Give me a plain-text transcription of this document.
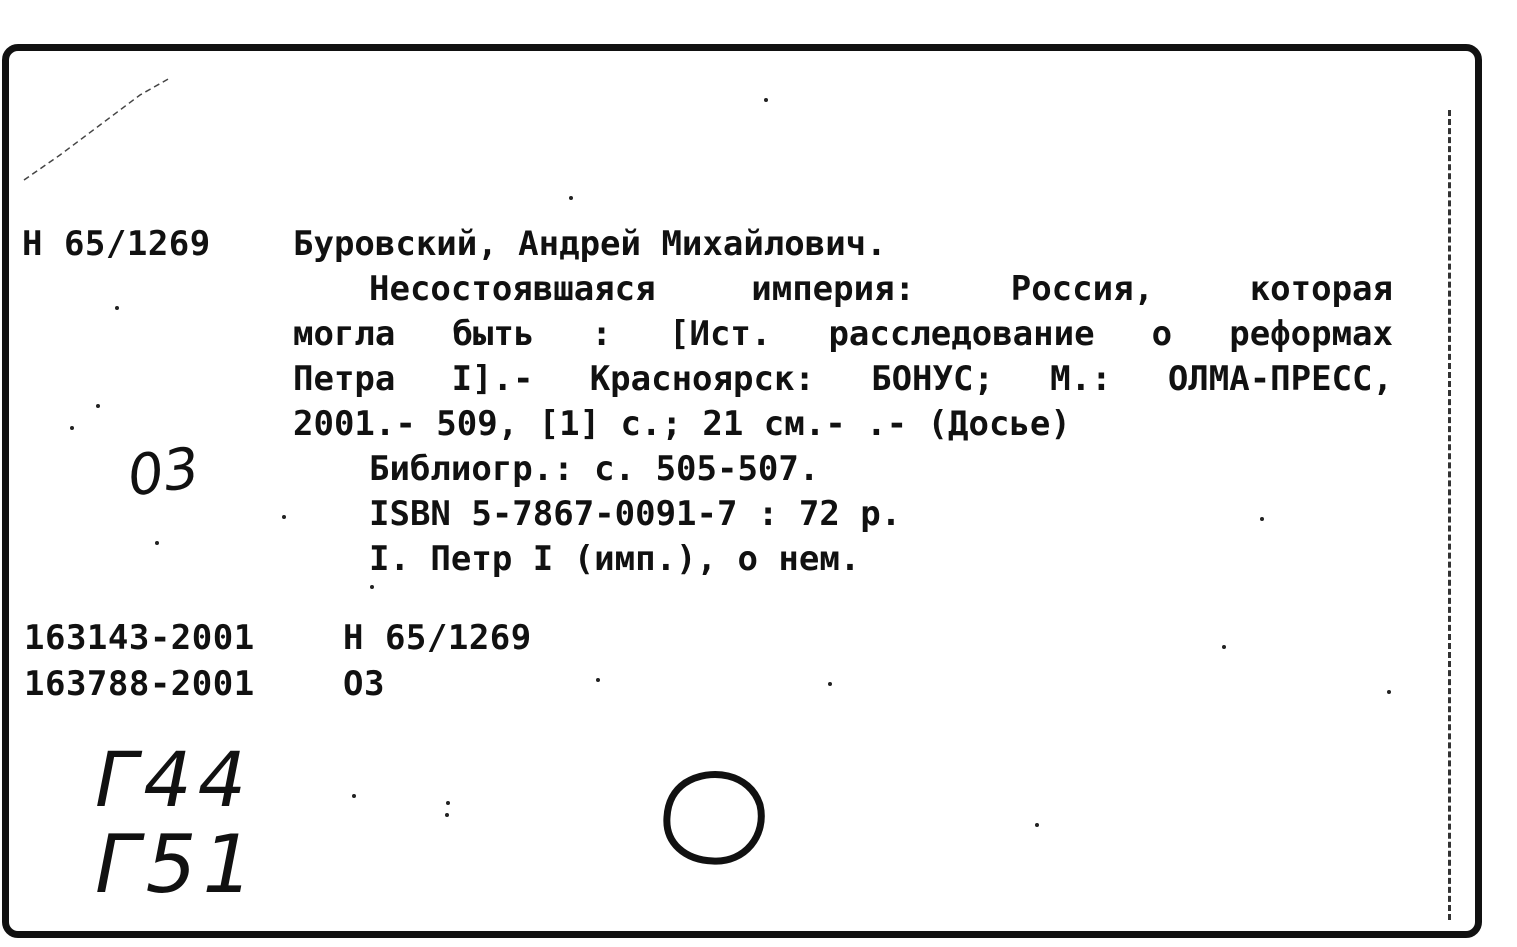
Н 65/1269 Буровский, Андрей Михайлович.
Несостоявшаяся империя: Россия, которая
могла быть : [Ист. расследование о реформах
Петра I].- Красноярск: БОНУС; М.: ОЛМА-ПРЕСС,
2001.- 509, [1] с.; 21 см.- .- (Досье)
Библиогр.: с. 505-507.
ISBN 5-7867-0091-7 : 72 р.
I. Петр I (имп.), о нем.
03
163143-2001	Н 65/1269
163788-2001	ОЗ
Г44
Г51
